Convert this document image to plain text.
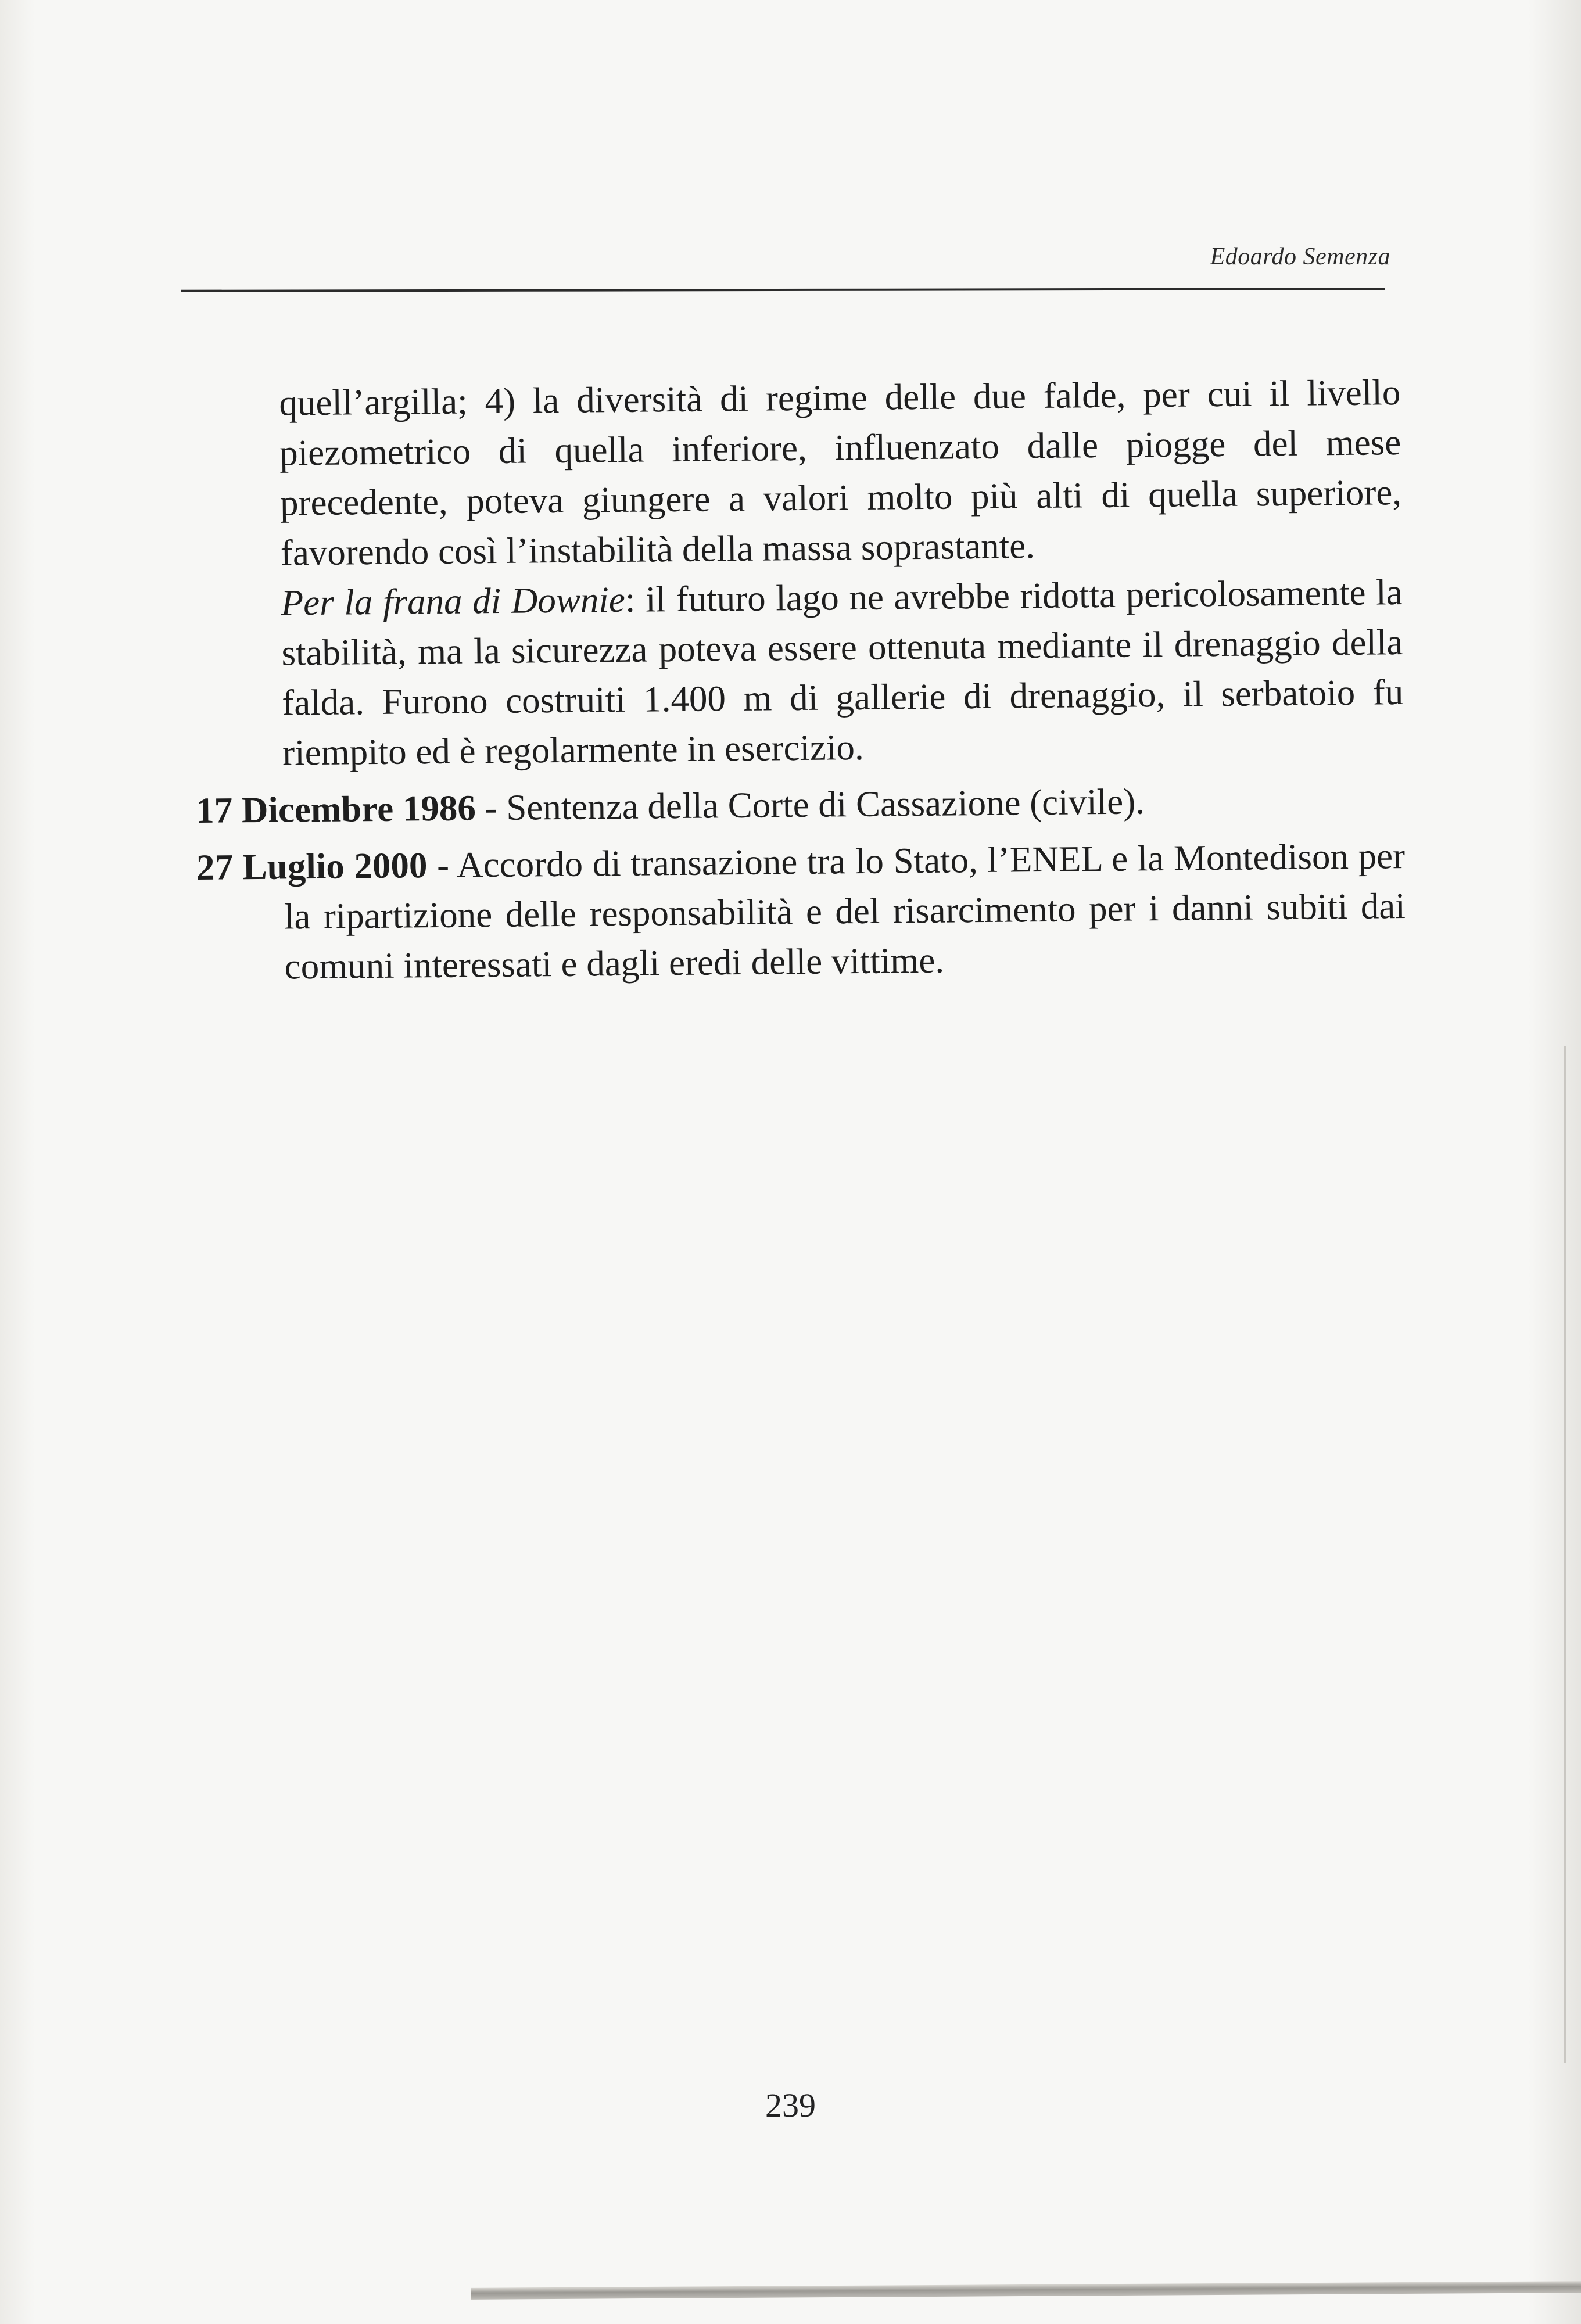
Edoardo Semenza

quell’argilla; 4) la diversità di regime delle due falde, per cui il livello piezometrico di quella inferiore, influenzato dalle piogge del mese precedente, poteva giungere a valori molto più alti di quella superiore, favorendo così l’instabilità della massa soprastante.

Per la frana di Downie: il futuro lago ne avrebbe ridotta pericolosamente la stabilità, ma la sicurezza poteva essere ottenuta mediante il drenaggio della falda. Furono costruiti 1.400 m di gallerie di drenaggio, il serbatoio fu riempito ed è regolarmente in esercizio.

17 Dicembre 1986 - Sentenza della Corte di Cassazione (civile).

27 Luglio 2000 - Accordo di transazione tra lo Stato, l’ENEL e la Montedison per la ripartizione delle responsabilità e del risarcimento per i danni subiti dai comuni interessati e dagli eredi delle vittime.

239
